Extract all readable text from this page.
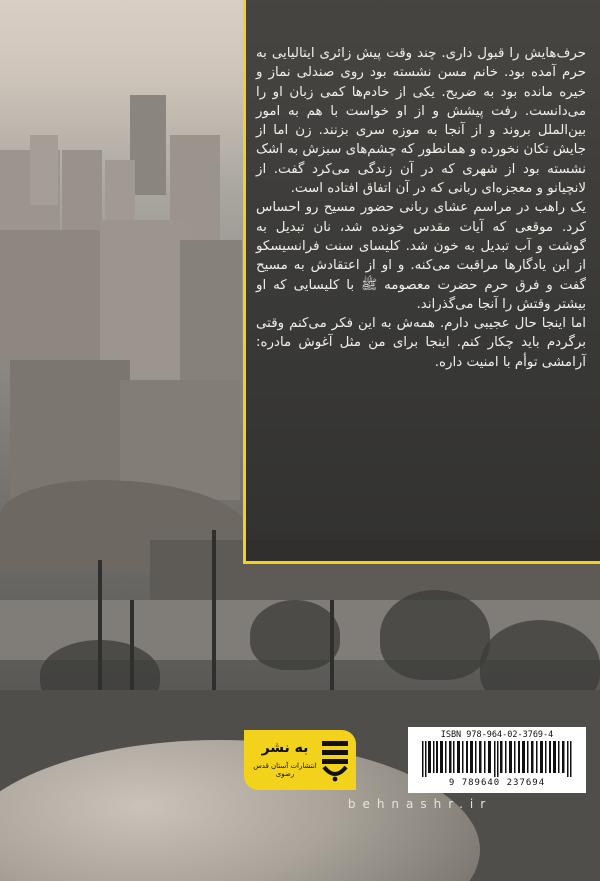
حرف‌هایش را قبول داری. چند وقت پیش زائری ایتالیایی به حرم آمده بود. خانم مسن نشسته بود روی صندلی نماز و خیره مانده بود به ضریح. یکی از خادم‌ها کمی زبان او را می‌دانست. رفت پیشش و از او خواست با هم به امور بین‌الملل بروند و از آنجا به موزه سری بزنند. زن اما از جایش تکان نخورده و همانطور که چشم‌های سبزش به اشک نشسته بود از شهری که در آن زندگی می‌کرد گفت. از لانچیانو و معجزه‌ای ربانی که در آن اتفاق افتاده است.

یک راهب در مراسم عشای ربانی حضور مسیح رو احساس کرد. موقعی که آیات مقدس خونده شد، نان تبدیل به گوشت و آب تبدیل به خون شد. کلیسای سنت فرانسیسکو از این یادگارها مراقبت می‌کنه. و او از اعتقادش به مسیح گفت و فرق حرم حضرت معصومه ﷺ با کلیسایی که او بیشتر وقتش را آنجا می‌گذراند.

اما اینجا حال عجیبی دارم. همه‌ش به این فکر می‌کنم وقتی برگردم باید چکار کنم. اینجا برای من مثل آغوش مادره: آرامشی توأم با امنیت داره.

به نشر
انتشارات آستان قدس رضوی
ISBN 978-964-02-3769-4
9 789640 237694
behnashr.ir
